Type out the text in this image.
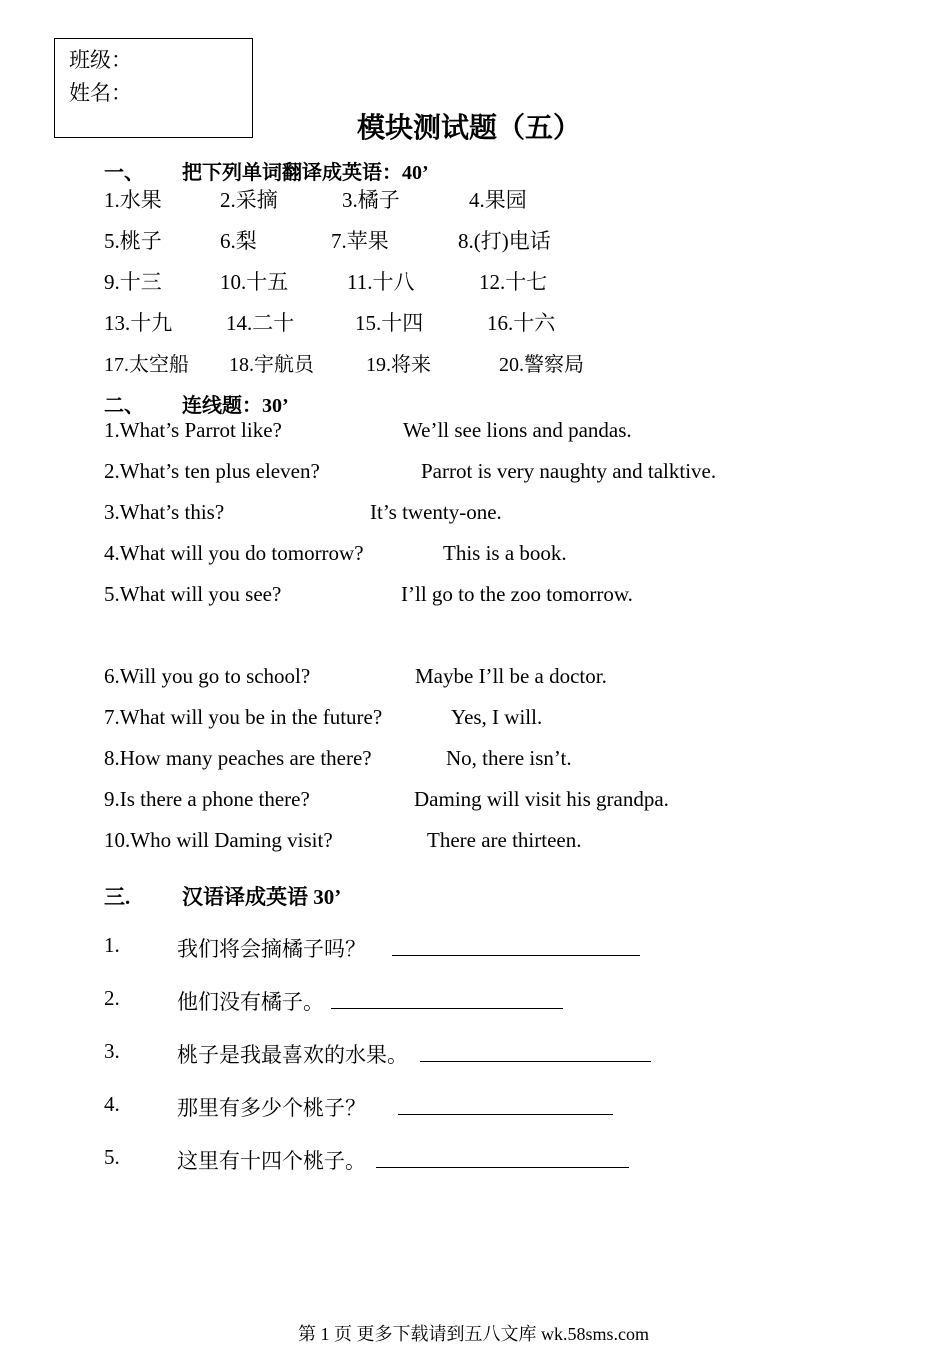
班级：
姓名：
模块测试题（五）
一、 把下列单词翻译成英语：40’
1.水果	2.采摘	3.橘子	4.果园
5.桃子	6.梨	7.苹果	8.(打)电话
9.十三	10.十五	11.十八	12.十七
13.十九	14.二十	15.十四	16.十六
17.太空船 18.宇航员	19.将来	20.警察局
二、 连线题：30’
1.What’s Parrot like?	We’ll see lions and pandas.
2.What’s ten plus eleven?	Parrot is very naughty and talktive.
3.What’s this?	It’s twenty-one.
4.What will you do tomorrow?	This is a book.
5.What will you see?	I’ll go to the zoo tomorrow.
6.Will you go to school?	Maybe I’ll be a doctor.
7.What will you be in the future?	Yes, I will.
8.How many peaches are there?	No, there isn’t.
9.Is there a phone there?	Daming will visit his grandpa.
10.Who will Daming visit?	There are thirteen.
三. 汉语译成英语 30’
1.	我们将会摘橘子吗？
2.	他们没有橘子。
3.	桃子是我最喜欢的水果。
4.	那里有多少个桃子？
5.	这里有十四个桃子。
第 1 页 更多下载请到五八文库 wk.58sms.com
